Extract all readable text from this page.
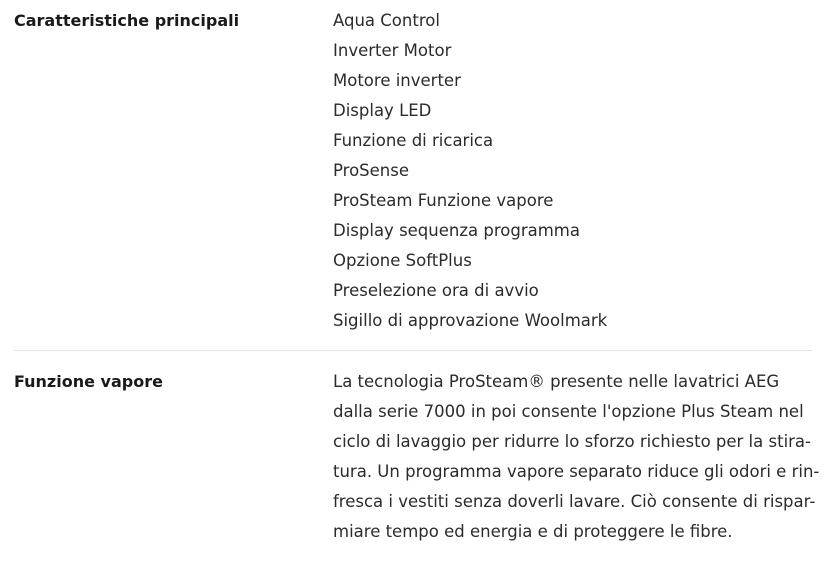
Caratteristiche principali	Aqua Control
Inverter Motor
Motore inverter
Display LED
Funzione di ricarica
ProSense
ProSteam Funzione vapore
Display sequenza programma
Opzione SoftPlus
Preselezione ora di avvio
Sigillo di approvazione Woolmark
Funzione vapore	La tecnologia ProSteam® presente nelle lavatrici AEG
dalla serie 7000 in poi consente l'opzione Plus Steam nel
ciclo di lavaggio per ridurre lo sforzo richiesto per la stira-
tura. Un programma vapore separato riduce gli odori e rin-
fresca i vestiti senza doverli lavare. Ciò consente di rispar-
miare tempo ed energia e di proteggere le fibre.
